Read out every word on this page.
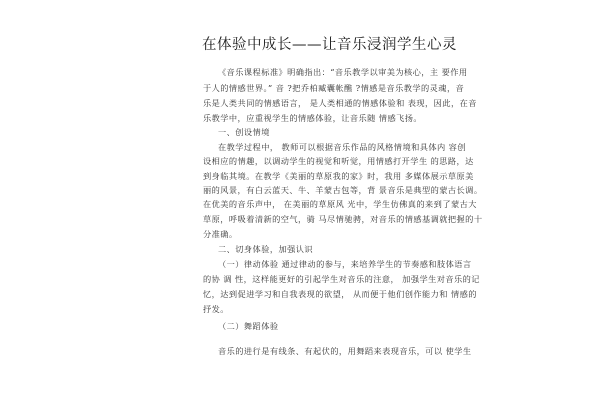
在体验中成长——让音乐浸润学生心灵
《音乐课程标准》明确指出：“音乐教学以审美为核心，主 要作用
于人的情感世界。” 音 ?把乔柏臧囊帐醮 ?情感是音乐教学的灵魂，音
乐是人类共同的情感语言， 是人类相通的情感体验和 表现，因此，在音
乐教学中，应重视学生的情感体验，让音乐随 情感飞扬。
一、创设情境
在教学过程中， 教师可以根据音乐作品的风格情境和具体内 容创
设相应的情趣，以调动学生的视觉和听觉，用情感打开学生 的思路，达
到身临其境。在教学《美丽的草原我的家》时，我用 多媒体展示草原美
丽的风景，有白云蓝天、牛、羊蒙古包等，背 景音乐是典型的蒙古长调。
在优美的音乐声中， 在美丽的草原风 光中，学生仿佛真的来到了蒙古大
草原，呼吸着清新的空气，骑 马尽情驰骋，对音乐的情感基调就把握的十
分准确。
二、切身体验，加强认识
（一）律动体验 通过律动的参与，来培养学生的节奏感和肢体语言
的协 调 性，这样能更好的引起学生对音乐的注意， 加强学生对音乐的记
忆，达到促进学习和自我表现的欲望， 从而便于他们创作能力和 情感的
抒发。
（二）舞蹈体验
音乐的进行是有线条、有起伏的，用舞蹈来表现音乐，可以 使学生
